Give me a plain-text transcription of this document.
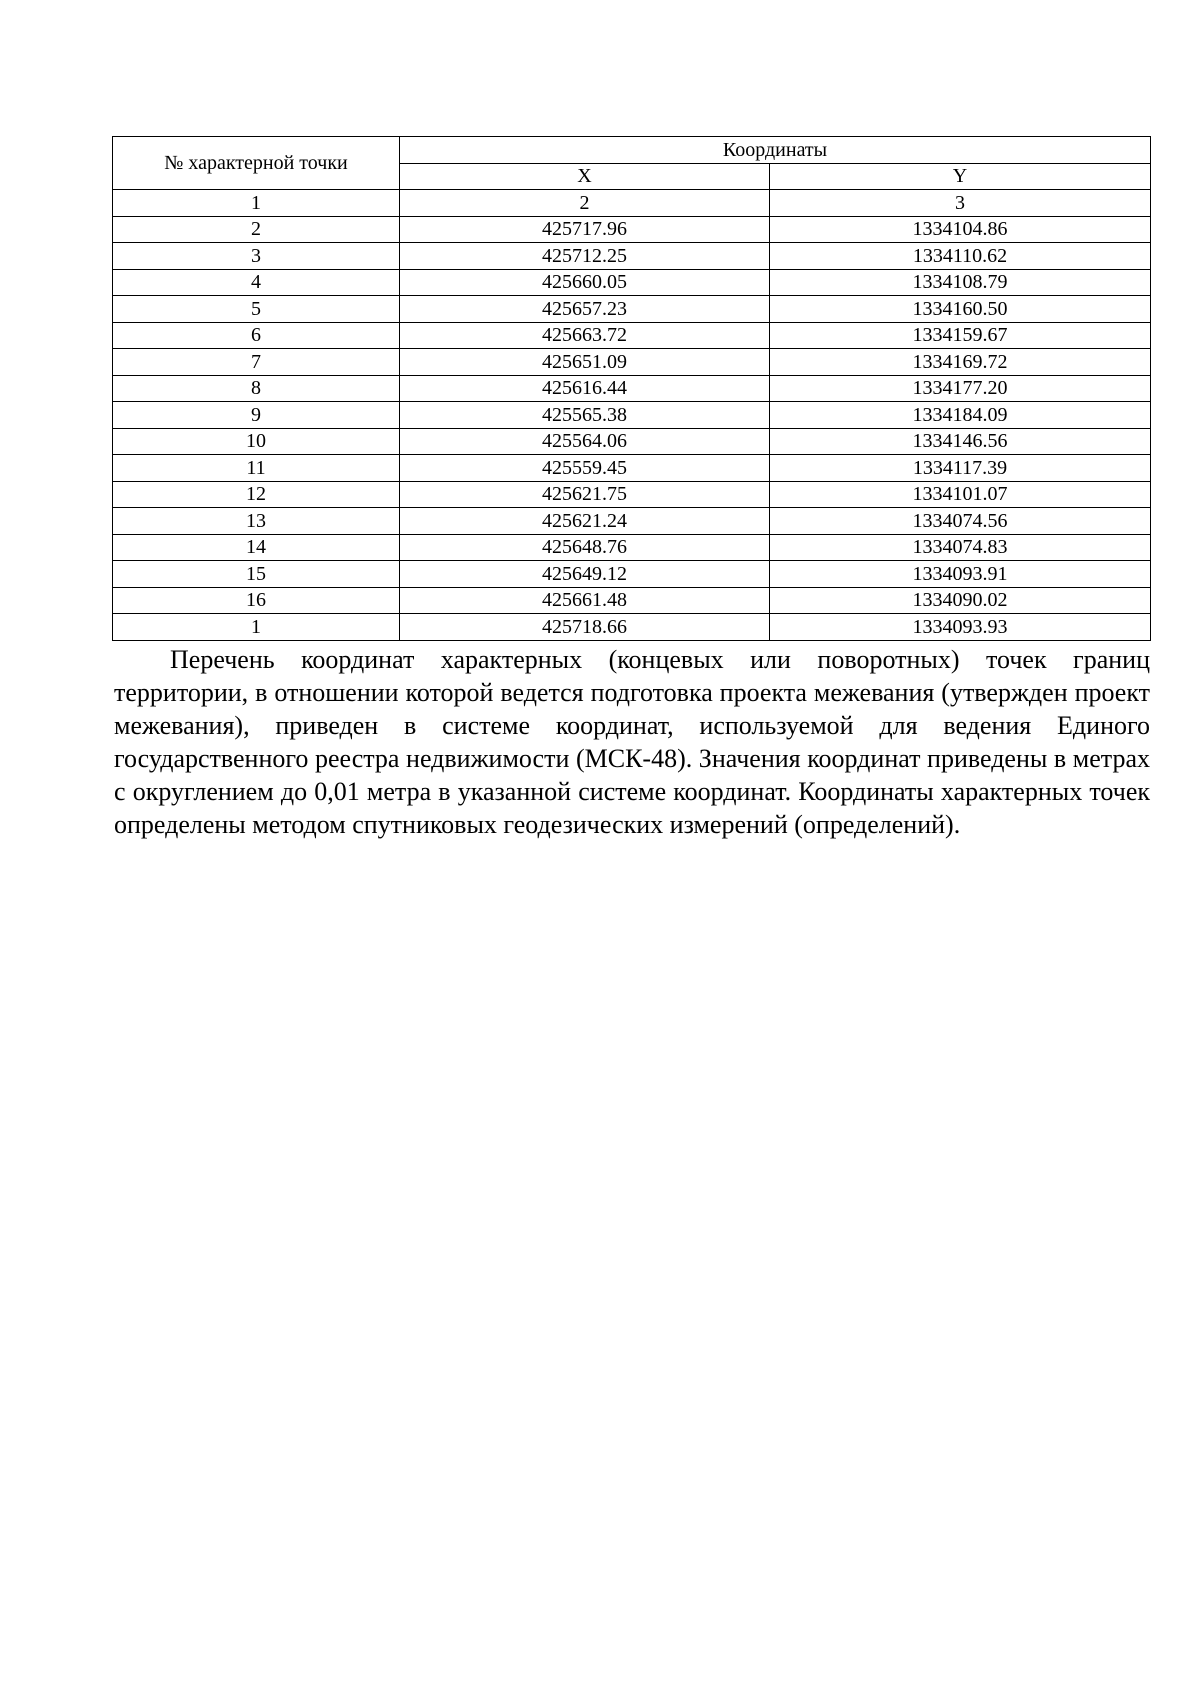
№ характерной точки	Координаты	
	X	Y
1	2	3
2	425717.96	1334104.86
3	425712.25	1334110.62
4	425660.05	1334108.79
5	425657.23	1334160.50
6	425663.72	1334159.67
7	425651.09	1334169.72
8	425616.44	1334177.20
9	425565.38	1334184.09
10	425564.06	1334146.56
11	425559.45	1334117.39
12	425621.75	1334101.07
13	425621.24	1334074.56
14	425648.76	1334074.83
15	425649.12	1334093.91
16	425661.48	1334090.02
1	425718.66	1334093.93

Перечень координат характерных (концевых или поворотных) точек границ территории, в отношении которой ведется подготовка проекта межевания (утвержден проект межевания), приведен в системе координат, используемой для ведения Единого государственного реестра недвижимости (МСК-48). Значения координат приведены в метрах с округлением до 0,01 метра в указанной системе координат. Координаты характерных точек определены методом спутниковых геодезических измерений (определений).
